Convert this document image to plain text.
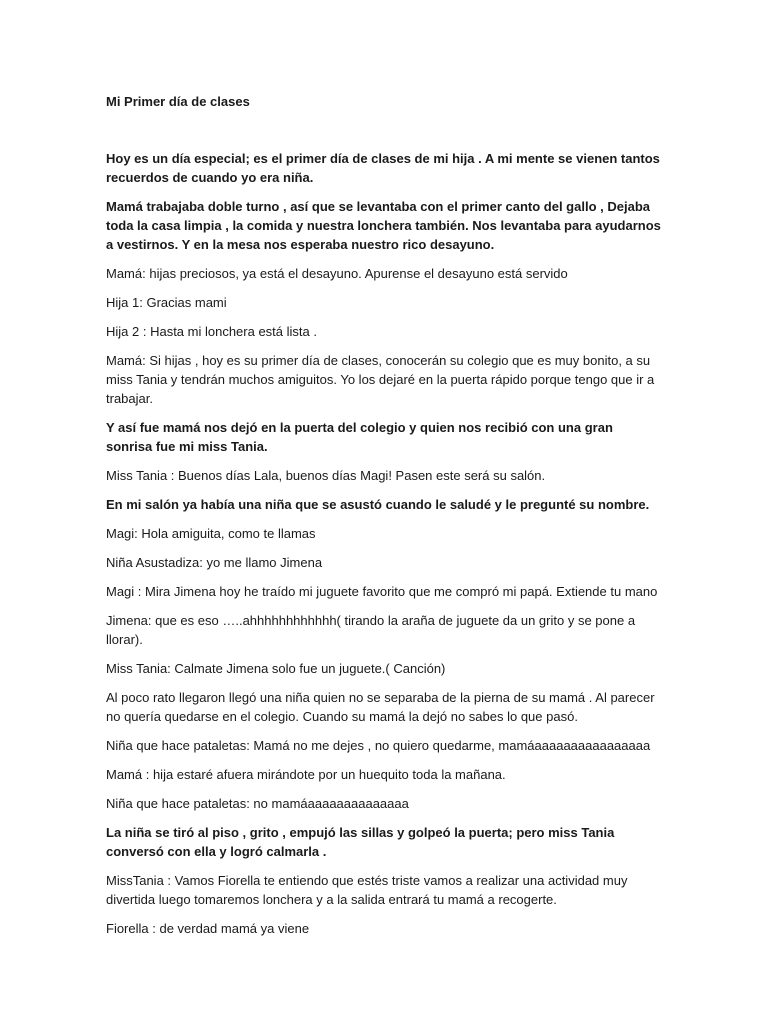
Mi Primer día de clases

Hoy es un día especial; es el primer día de clases de mi hija . A mi mente se vienen tantos recuerdos de cuando yo era niña.

Mamá trabajaba doble turno , así que se levantaba con el primer canto del gallo , Dejaba toda la casa limpia , la comida y nuestra lonchera también. Nos levantaba para ayudarnos a vestirnos. Y en la mesa nos esperaba nuestro rico desayuno.

Mamá: hijas preciosos, ya está el desayuno. Apurense el desayuno está servido

Hija 1: Gracias mami

Hija 2 : Hasta mi lonchera está lista .

Mamá: Si hijas , hoy es su primer día de clases, conocerán su colegio que es muy bonito, a su miss Tania y tendrán muchos amiguitos. Yo los dejaré en la puerta rápido porque tengo que ir a trabajar.

Y así fue mamá nos dejó en la puerta del colegio y quien nos recibió con una gran sonrisa fue mi miss Tania.

Miss Tania : Buenos días Lala, buenos días Magi! Pasen este será su salón.

En mi salón ya había una niña que se asustó cuando le saludé y le pregunté su nombre.

Magi: Hola amiguita, como te llamas

Niña Asustadiza: yo me llamo Jimena

Magi : Mira Jimena hoy he traído mi juguete favorito que me compró mi papá. Extiende tu mano

Jimena: que es eso …..ahhhhhhhhhhhh( tirando la araña de juguete da un grito y se pone a llorar).

Miss Tania: Calmate Jimena solo fue un juguete.( Canción)

Al poco rato llegaron llegó una niña quien no se separaba de la pierna de su mamá . Al parecer no quería quedarse en el colegio. Cuando su mamá la dejó no sabes lo que pasó.

Niña que hace pataletas: Mamá no me dejes , no quiero quedarme, mamáaaaaaaaaaaaaaaaa

Mamá : hija estaré afuera mirándote por un huequito toda la mañana.

Niña que hace pataletas: no mamáaaaaaaaaaaaaaa

La niña se tiró al piso , grito , empujó las sillas y golpeó la puerta; pero miss Tania conversó con ella y logró calmarla .

MissTania : Vamos Fiorella te entiendo que estés triste vamos a realizar una actividad muy divertida luego tomaremos lonchera y a la salida entrará tu mamá a recogerte.

Fiorella : de verdad mamá ya viene
